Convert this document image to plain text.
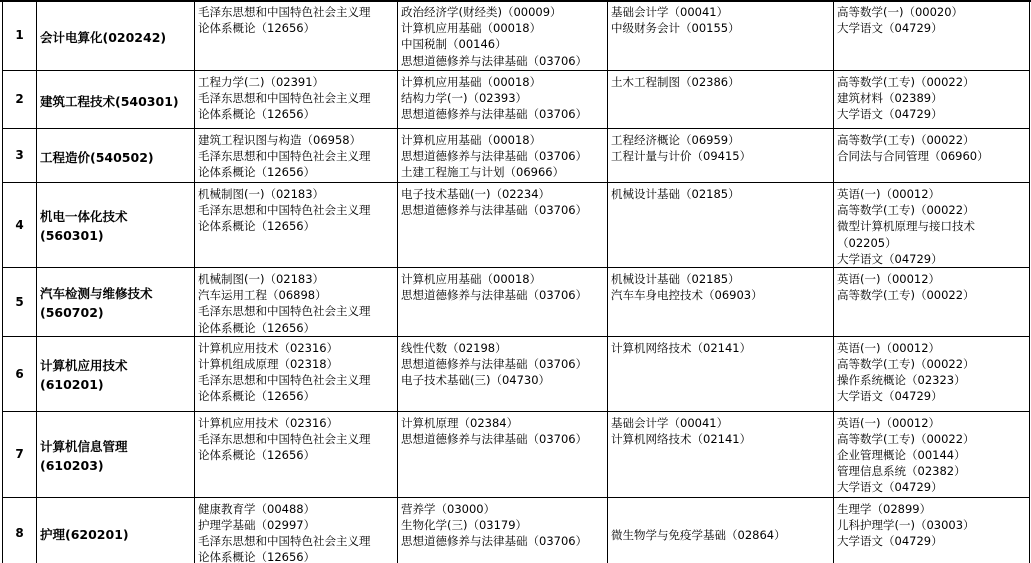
1	会计电算化(020242)	毛泽东思想和中国特色社会主义理
论体系概论（12656）	政治经济学(财经类)（00009）
计算机应用基础（00018）
中国税制（00146）
思想道德修养与法律基础（03706）	基础会计学（00041）
中级财务会计（00155）	高等数学(一)（00020）
大学语文（04729）

2	建筑工程技术(540301)	工程力学(二)（02391）
毛泽东思想和中国特色社会主义理
论体系概论（12656）	计算机应用基础（00018）
结构力学(一)（02393）
思想道德修养与法律基础（03706）	土木工程制图（02386）	高等数学(工专)（00022）
建筑材料（02389）
大学语文（04729）

3	工程造价(540502)	建筑工程识图与构造（06958）
毛泽东思想和中国特色社会主义理
论体系概论（12656）	计算机应用基础（00018）
思想道德修养与法律基础（03706）
土建工程施工与计划（06966）	工程经济概论（06959）
工程计量与计价（09415）	高等数学(工专)（00022）
合同法与合同管理（06960）

4	机电一体化技术(560301)	机械制图(一)（02183）
毛泽东思想和中国特色社会主义理
论体系概论（12656）	电子技术基础(一)（02234）
思想道德修养与法律基础（03706）	机械设计基础（02185）	英语(一)（00012）
高等数学(工专)（00022）
微型计算机原理与接口技术
（02205）
大学语文（04729）

5	汽车检测与维修技术(560702)	机械制图(一)（02183）
汽车运用工程（06898）
毛泽东思想和中国特色社会主义理
论体系概论（12656）	计算机应用基础（00018）
思想道德修养与法律基础（03706）	机械设计基础（02185）
汽车车身电控技术（06903）	英语(一)（00012）
高等数学(工专)（00022）

6	计算机应用技术(610201)	计算机应用技术（02316）
计算机组成原理（02318）
毛泽东思想和中国特色社会主义理
论体系概论（12656）	线性代数（02198）
思想道德修养与法律基础（03706）
电子技术基础(三)（04730）	计算机网络技术（02141）	英语(一)（00012）
高等数学(工专)（00022）
操作系统概论（02323）
大学语文（04729）

7	计算机信息管理(610203)	计算机应用技术（02316）
毛泽东思想和中国特色社会主义理
论体系概论（12656）	计算机原理（02384）
思想道德修养与法律基础（03706）	基础会计学（00041）
计算机网络技术（02141）	英语(一)（00012）
高等数学(工专)（00022）
企业管理概论（00144）
管理信息系统（02382）
大学语文（04729）

8	护理(620201)	健康教育学（00488）
护理学基础（02997）
毛泽东思想和中国特色社会主义理
论体系概论（12656）	营养学（03000）
生物化学(三)（03179）
思想道德修养与法律基础（03706）	微生物学与免疫学基础（02864）	生理学（02899）
儿科护理学(一)（03003）
大学语文（04729）
